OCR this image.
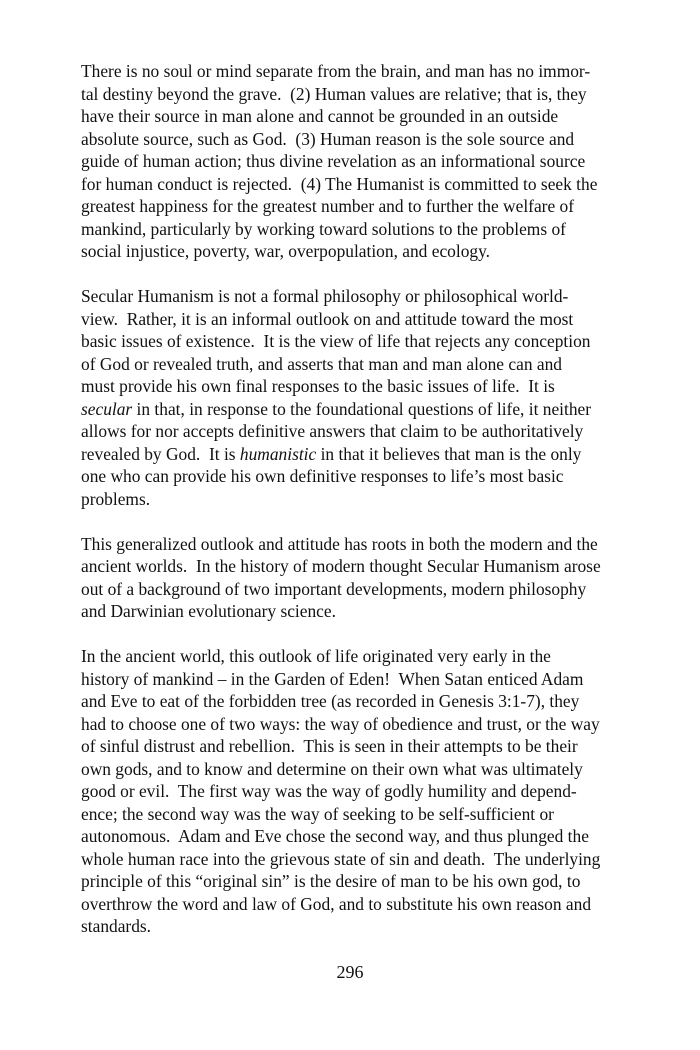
There is no soul or mind separate from the brain, and man has no immor-
tal destiny beyond the grave.  (2) Human values are relative; that is, they
have their source in man alone and cannot be grounded in an outside
absolute source, such as God.  (3) Human reason is the sole source and
guide of human action; thus divine revelation as an informational source
for human conduct is rejected.  (4) The Humanist is committed to seek the
greatest happiness for the greatest number and to further the welfare of
mankind, particularly by working toward solutions to the problems of
social injustice, poverty, war, overpopulation, and ecology.
Secular Humanism is not a formal philosophy or philosophical world-
view.  Rather, it is an informal outlook on and attitude toward the most
basic issues of existence.  It is the view of life that rejects any conception
of God or revealed truth, and asserts that man and man alone can and
must provide his own final responses to the basic issues of life.  It is
secular in that, in response to the foundational questions of life, it neither
allows for nor accepts definitive answers that claim to be authoritatively
revealed by God.  It is humanistic in that it believes that man is the only
one who can provide his own definitive responses to life’s most basic
problems.
This generalized outlook and attitude has roots in both the modern and the
ancient worlds.  In the history of modern thought Secular Humanism arose
out of a background of two important developments, modern philosophy
and Darwinian evolutionary science.
In the ancient world, this outlook of life originated very early in the
history of mankind – in the Garden of Eden!  When Satan enticed Adam
and Eve to eat of the forbidden tree (as recorded in Genesis 3:1-7), they
had to choose one of two ways: the way of obedience and trust, or the way
of sinful distrust and rebellion.  This is seen in their attempts to be their
own gods, and to know and determine on their own what was ultimately
good or evil.  The first way was the way of godly humility and depend-
ence; the second way was the way of seeking to be self-sufficient or
autonomous.  Adam and Eve chose the second way, and thus plunged the
whole human race into the grievous state of sin and death.  The underlying
principle of this “original sin” is the desire of man to be his own god, to
overthrow the word and law of God, and to substitute his own reason and
standards.
296
